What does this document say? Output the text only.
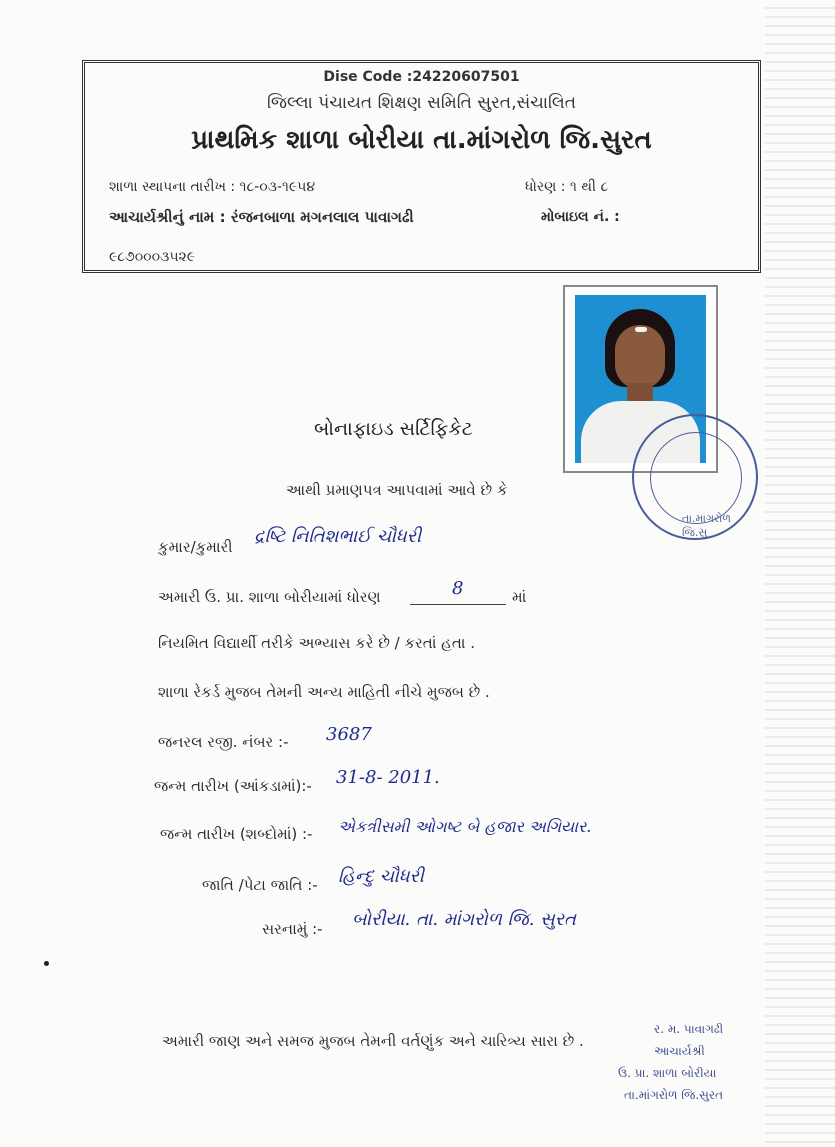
Dise Code :24220607501
જિલ્લા પંચાયત શિક્ષણ સમિતિ સુરત,સંચાલિત
પ્રાથમિક શાળા બોરીયા તા.માંગરોળ જિ.સુરત
શાળા સ્થાપના તારીખ : ૧૮-૦૩-૧૯૫૪	ધોરણ : ૧ થી ૮
આચાર્યશ્રીનું નામ : રંજનબાળા મગનલાલ પાવાગઢી	મોબાઇલ નં. :
૯૮૭૦૦૦૩૫૨૯
તા.માંગરોળ જિ.સુ
બોનાફાઇડ સર્ટિફિકેટ
આથી પ્રમાણપત્ર આપવામાં આવે છે કે
કુમાર/કુમારી દ્રષ્ટિ નિતિશભાઈ ચૌધરી
અમારી ઉ. પ્રા. શાળા બોરીયામાં ધોરણ	8	માં
નિયમિત વિદ્યાર્થી તરીકે અભ્યાસ કરે છે / કરતાં હતા .
શાળા રેકર્ડ મુજબ તેમની અન્ય માહિતી નીચે મુજબ છે .
જનરલ રજી. નંબર :- 3687
જન્મ તારીખ (આંકડામાં):- 31-8- 2011.
જન્મ તારીખ (શબ્દોમાં) :- એકત્રીસમી ઓગષ્ટ બે હજાર અગિયાર.
જાતિ /પેટા જાતિ :- હિન્દુ ચૌધરી
સરનામું :- બોરીયા. તા. માંગરોળ જિ. સુરત
અમારી જાણ અને સમજ મુજબ તેમની વર્તણુંક અને ચારિત્ર્ય સારા છે .
ર. મ. પાવાગઢી
આચાર્યશ્રી
ઉ. પ્રા. શાળા બોરીયા
તા.માંગરોળ જિ.સુરત
